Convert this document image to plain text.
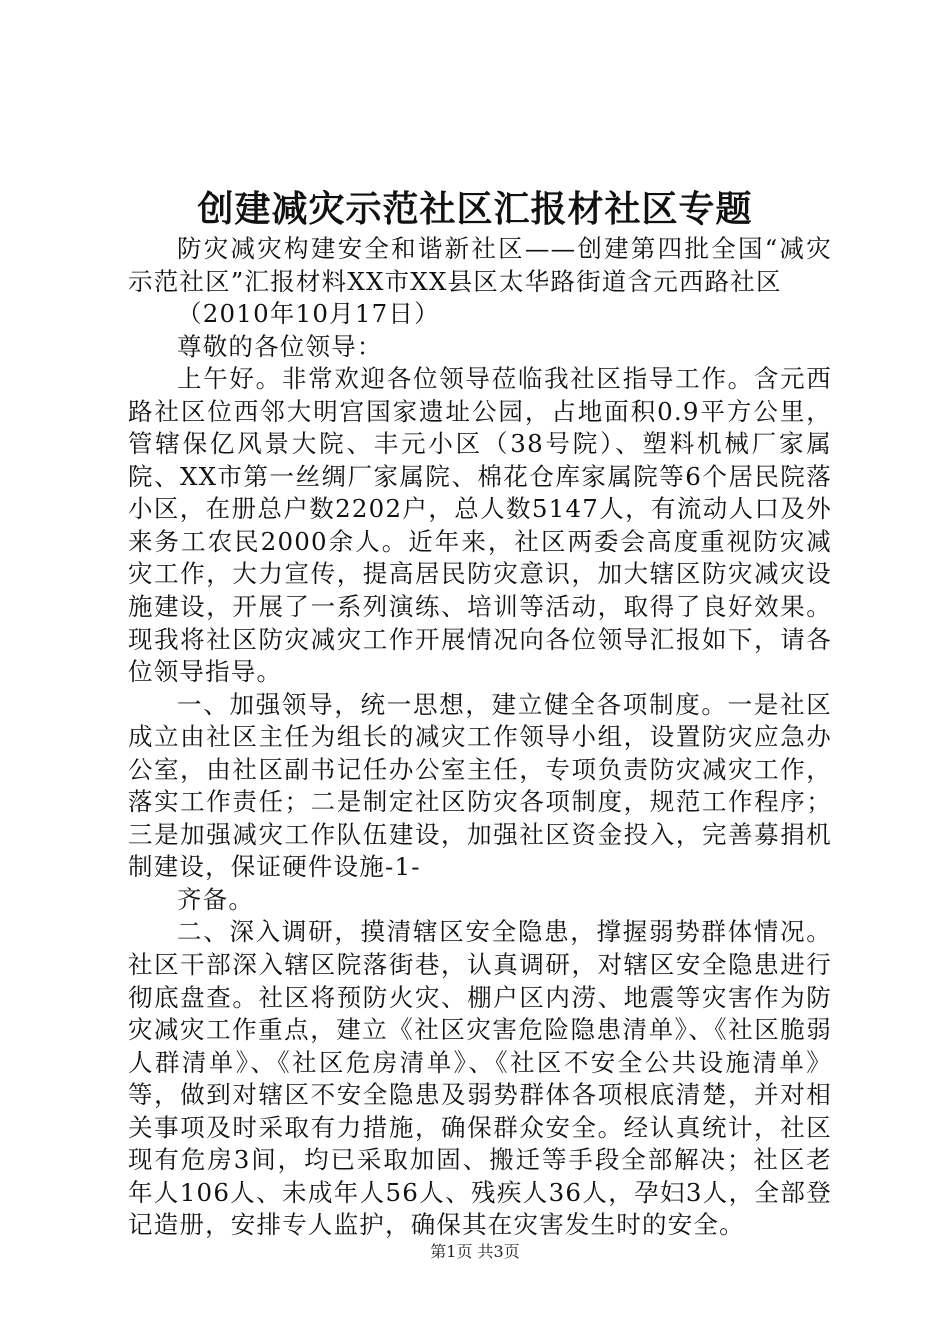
创建减灾示范社区汇报材社区专题

防灾减灾构建安全和谐新社区——创建第四批全国“减灾示范社区”汇报材料XX市XX县区太华路街道含元西路社区

（2010年10月17日）

尊敬的各位领导：

上午好。非常欢迎各位领导莅临我社区指导工作。含元西路社区位西邻大明宫国家遗址公园，占地面积0.9平方公里，管辖保亿风景大院、丰元小区（38号院）、塑料机械厂家属院、XX市第一丝绸厂家属院、棉花仓库家属院等6个居民院落小区，在册总户数2202户，总人数5147人，有流动人口及外来务工农民2000余人。近年来，社区两委会高度重视防灾减灾工作，大力宣传，提高居民防灾意识，加大辖区防灾减灾设施建设，开展了一系列演练、培训等活动，取得了良好效果。现我将社区防灾减灾工作开展情况向各位领导汇报如下，请各位领导指导。

一、加强领导，统一思想，建立健全各项制度。一是社区成立由社区主任为组长的减灾工作领导小组，设置防灾应急办公室，由社区副书记任办公室主任，专项负责防灾减灾工作，落实工作责任；二是制定社区防灾各项制度，规范工作程序；三是加强减灾工作队伍建设，加强社区资金投入，完善募捐机制建设，保证硬件设施-1-

齐备。

二、深入调研，摸清辖区安全隐患，撑握弱势群体情况。社区干部深入辖区院落街巷，认真调研，对辖区安全隐患进行彻底盘查。社区将预防火灾、棚户区内涝、地震等灾害作为防灾减灾工作重点，建立《社区灾害危险隐患清单》、《社区脆弱人群清单》、《社区危房清单》、《社区不安全公共设施清单》等，做到对辖区不安全隐患及弱势群体各项根底清楚，并对相关事项及时采取有力措施，确保群众安全。经认真统计，社区现有危房3间，均已采取加固、搬迁等手段全部解决；社区老年人106人、未成年人56人、残疾人36人，孕妇3人，全部登记造册，安排专人监护，确保其在灾害发生时的安全。

第1页 共3页
